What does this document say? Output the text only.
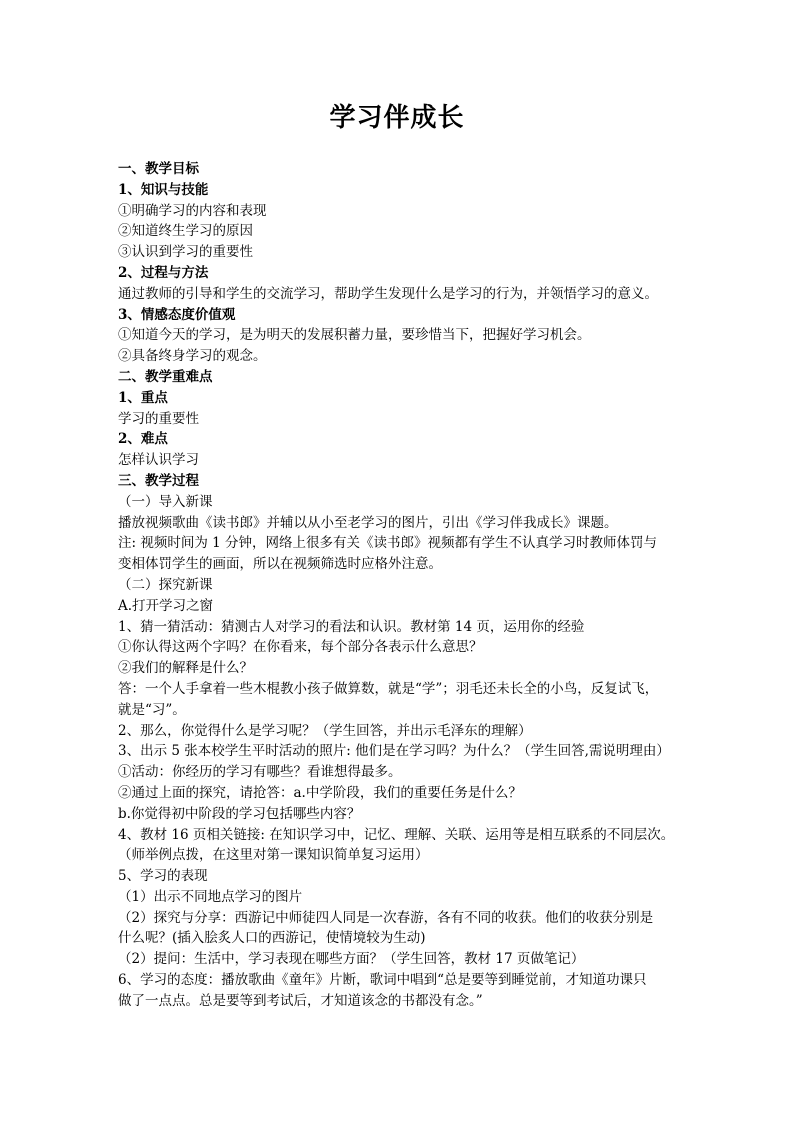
学习伴成长

一、教学目标

1、知识与技能

①明确学习的内容和表现

②知道终生学习的原因

③认识到学习的重要性

2、过程与方法

通过教师的引导和学生的交流学习，帮助学生发现什么是学习的行为，并领悟学习的意义。

3、情感态度价值观

①知道今天的学习，是为明天的发展积蓄力量，要珍惜当下，把握好学习机会。

②具备终身学习的观念。

二、教学重难点

1、重点

学习的重要性

2、难点

怎样认识学习

三、教学过程

（一）导入新课

播放视频歌曲《读书郎》并辅以从小至老学习的图片，引出《学习伴我成长》课题。

注: 视频时间为 1 分钟，网络上很多有关《读书郎》视频都有学生不认真学习时教师体罚与

变相体罚学生的画面，所以在视频筛选时应格外注意。

（二）探究新课

A.打开学习之窗

1、猜一猜活动：猜测古人对学习的看法和认识。教材第 14 页，运用你的经验

①你认得这两个字吗？在你看来，每个部分各表示什么意思？

②我们的解释是什么？

答：一个人手拿着一些木棍教小孩子做算数，就是“学”；羽毛还未长全的小鸟，反复试飞，

就是“习”。

2、那么，你觉得什么是学习呢？（学生回答，并出示毛泽东的理解）

3、出示 5 张本校学生平时活动的照片: 他们是在学习吗？为什么？（学生回答,需说明理由）

①活动：你经历的学习有哪些？看谁想得最多。

②通过上面的探究，请抢答：a.中学阶段，我们的重要任务是什么？

b.你觉得初中阶段的学习包括哪些内容？

4、教材 16 页相关链接: 在知识学习中，记忆、理解、关联、运用等是相互联系的不同层次。

（师举例点拨，在这里对第一课知识简单复习运用）

5、学习的表现

（1）出示不同地点学习的图片

（2）探究与分享：西游记中师徒四人同是一次春游，各有不同的收获。他们的收获分别是

什么呢？(插入脍炙人口的西游记，使情境较为生动)

（2）提问：生活中，学习表现在哪些方面？（学生回答，教材 17 页做笔记）

6、学习的态度：播放歌曲《童年》片断，歌词中唱到“总是要等到睡觉前，才知道功课只

做了一点点。总是要等到考试后，才知道该念的书都没有念。”
